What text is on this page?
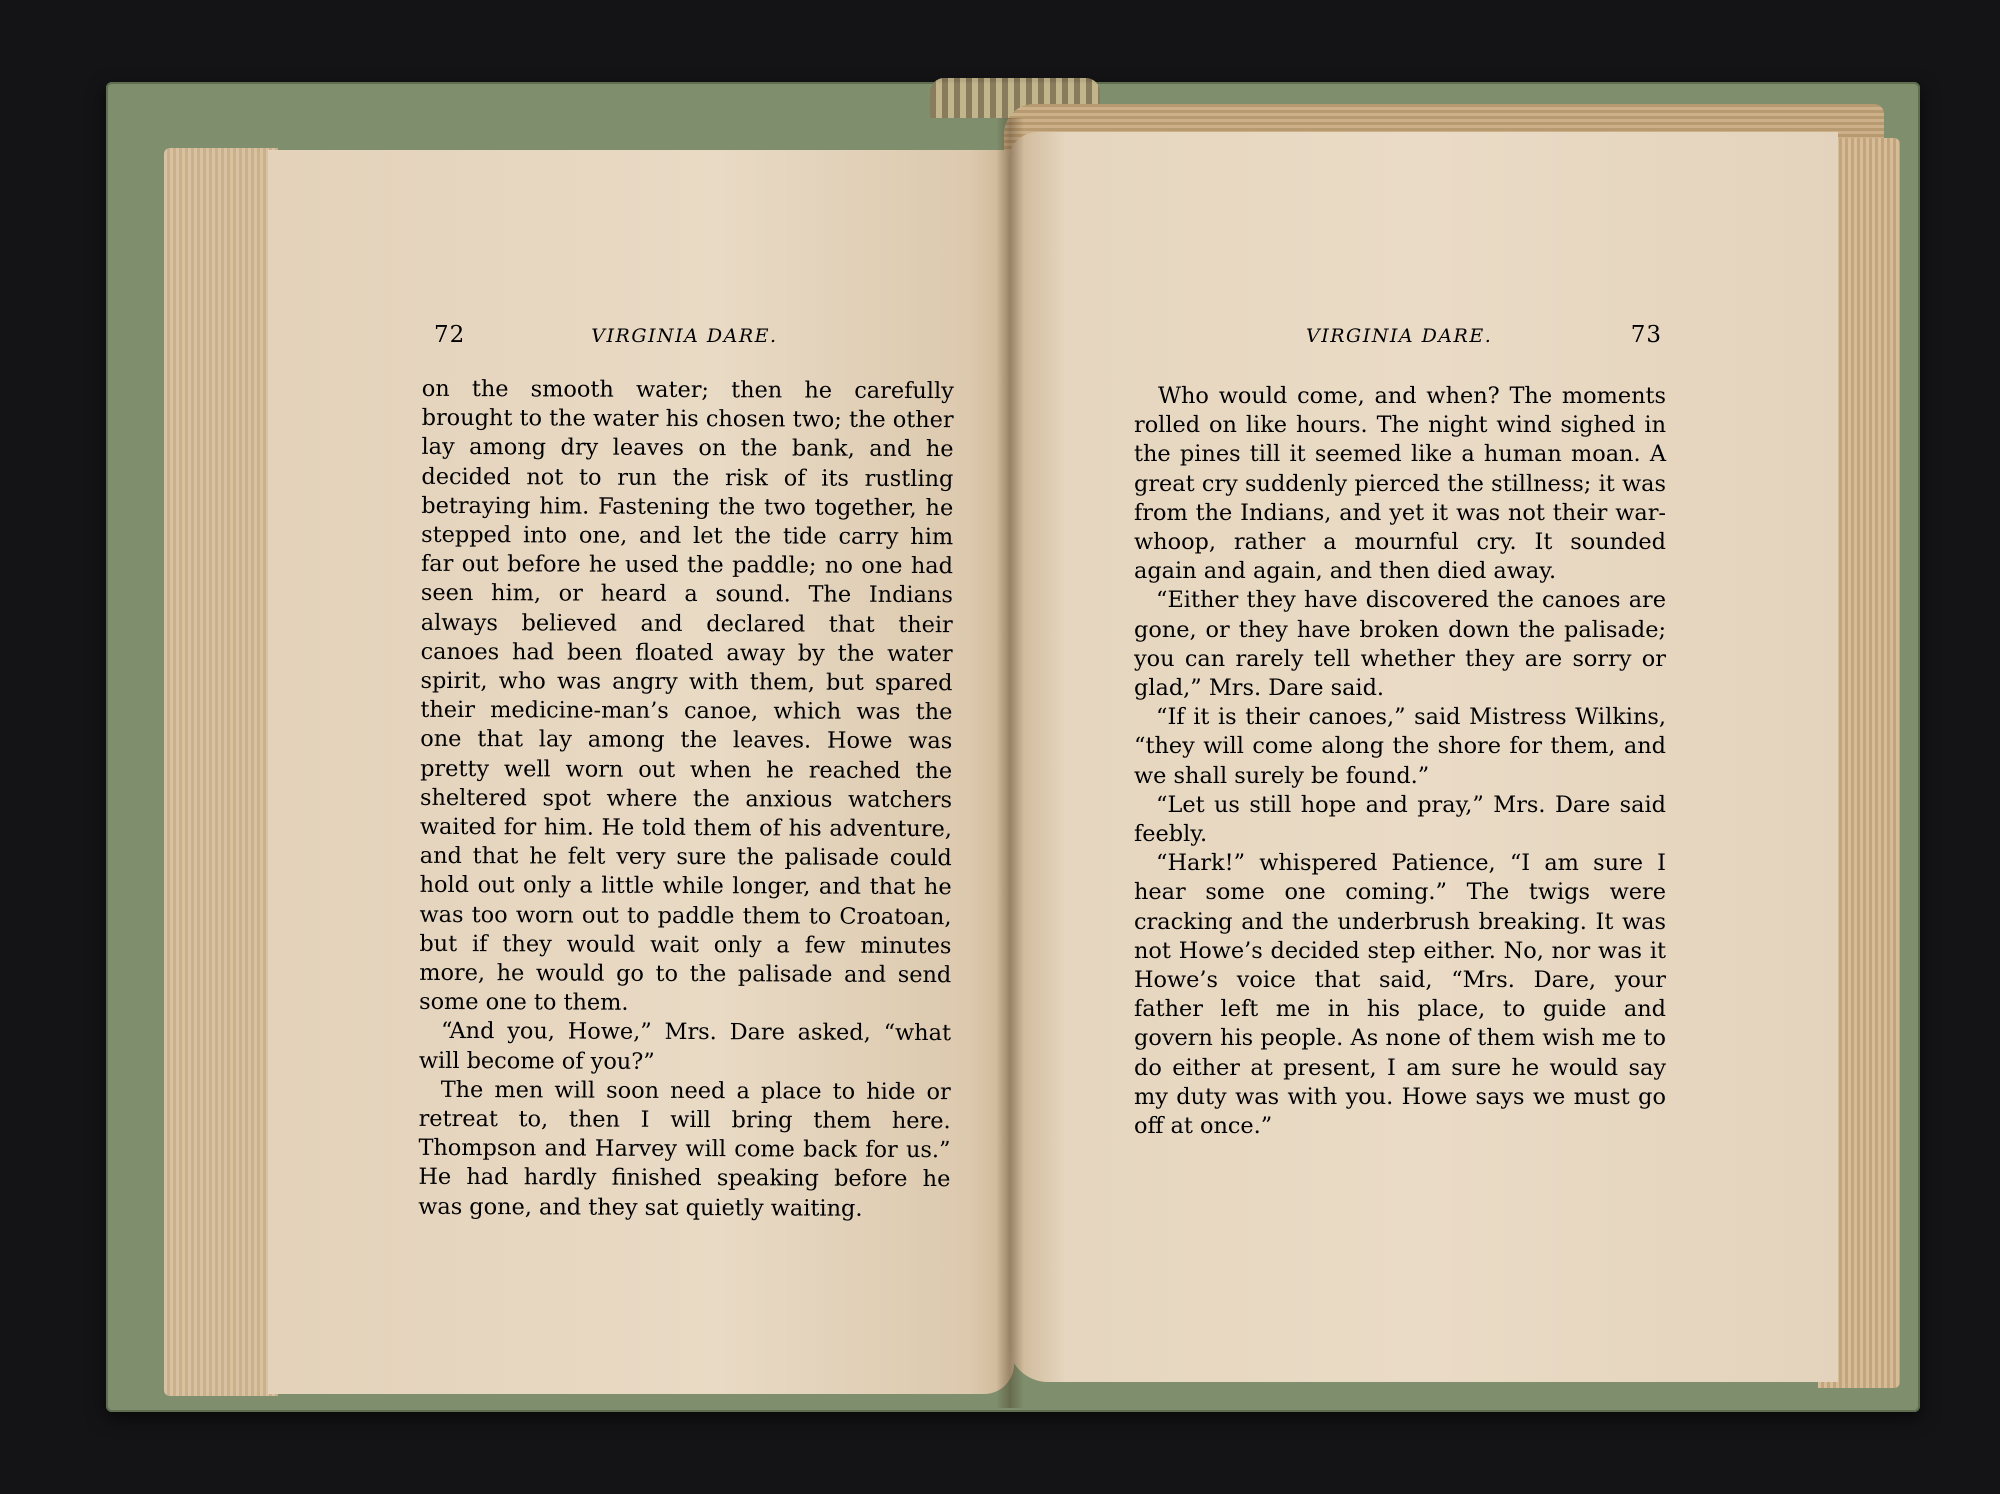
72	VIRGINIA DARE.	VIRGINIA DARE.	73

on the smooth water; then he carefully brought to the water his chosen two; the other lay among dry leaves on the bank, and he decided not to run the risk of its rustling betraying him. Fastening the two together, he stepped into one, and let the tide carry him far out before he used the paddle; no one had seen him, or heard a sound. The Indians always believed and declared that their canoes had been floated away by the water spirit, who was angry with them, but spared their medicine-man’s canoe, which was the one that lay among the leaves. Howe was pretty well worn out when he reached the sheltered spot where the anxious watchers waited for him. He told them of his adventure, and that he felt very sure the palisade could hold out only a little while longer, and that he was too worn out to paddle them to Croatoan, but if they would wait only a few minutes more, he would go to the palisade and send some one to them.

“And you, Howe,” Mrs. Dare asked, “what will become of you?”

The men will soon need a place to hide or retreat to, then I will bring them here. Thompson and Harvey will come back for us.” He had hardly finished speaking before he was gone, and they sat quietly waiting.

Who would come, and when? The moments rolled on like hours. The night wind sighed in the pines till it seemed like a human moan. A great cry suddenly pierced the stillness; it was from the Indians, and yet it was not their war-whoop, rather a mournful cry. It sounded again and again, and then died away.

“Either they have discovered the canoes are gone, or they have broken down the palisade; you can rarely tell whether they are sorry or glad,” Mrs. Dare said.

“If it is their canoes,” said Mistress Wilkins, “they will come along the shore for them, and we shall surely be found.”

“Let us still hope and pray,” Mrs. Dare said feebly.

“Hark!” whispered Patience, “I am sure I hear some one coming.” The twigs were cracking and the underbrush breaking. It was not Howe’s decided step either. No, nor was it Howe’s voice that said, “Mrs. Dare, your father left me in his place, to guide and govern his people. As none of them wish me to do either at present, I am sure he would say my duty was with you. Howe says we must go off at once.”
